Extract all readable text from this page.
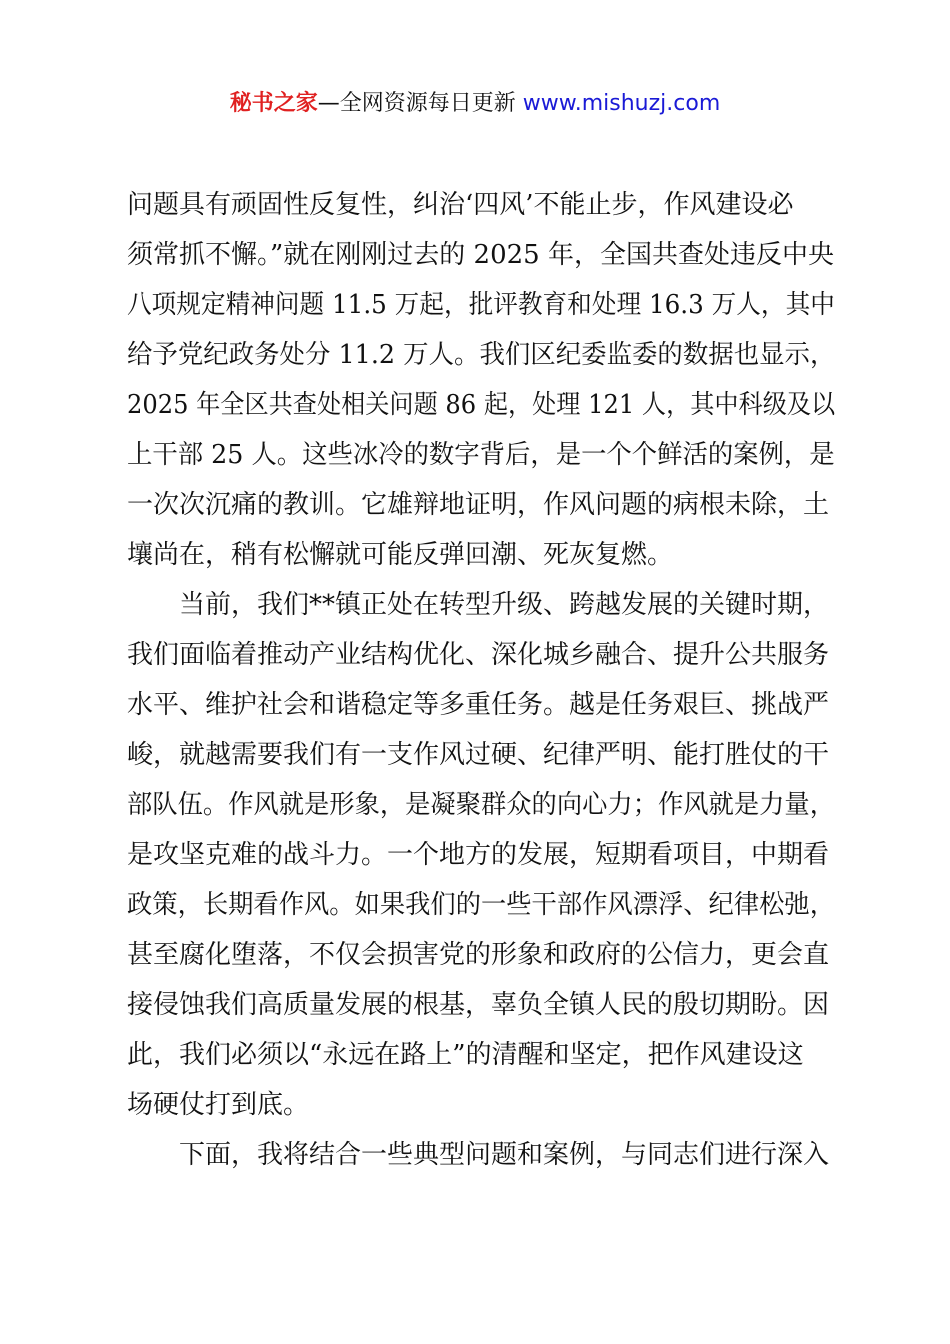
秘书之家—全网资源每日更新 www.mishuzj.com

问题具有顽固性反复性，纠治‘四风’不能止步，作风建设必
须常抓不懈。”就在刚刚过去的 2025 年，全国共查处违反中央
八项规定精神问题 11.5 万起，批评教育和处理 16.3 万人，其中
给予党纪政务处分 11.2 万人。我们区纪委监委的数据也显示，
2025 年全区共查处相关问题 86 起，处理 121 人，其中科级及以
上干部 25 人。这些冰冷的数字背后，是一个个鲜活的案例，是
一次次沉痛的教训。它雄辩地证明，作风问题的病根未除，土
壤尚在，稍有松懈就可能反弹回潮、死灰复燃。

当前，我们**镇正处在转型升级、跨越发展的关键时期，
我们面临着推动产业结构优化、深化城乡融合、提升公共服务
水平、维护社会和谐稳定等多重任务。越是任务艰巨、挑战严
峻，就越需要我们有一支作风过硬、纪律严明、能打胜仗的干
部队伍。作风就是形象，是凝聚群众的向心力；作风就是力量，
是攻坚克难的战斗力。一个地方的发展，短期看项目，中期看
政策，长期看作风。如果我们的一些干部作风漂浮、纪律松弛，
甚至腐化堕落，不仅会损害党的形象和政府的公信力，更会直
接侵蚀我们高质量发展的根基，辜负全镇人民的殷切期盼。因
此，我们必须以“永远在路上”的清醒和坚定，把作风建设这
场硬仗打到底。

下面，我将结合一些典型问题和案例，与同志们进行深入
